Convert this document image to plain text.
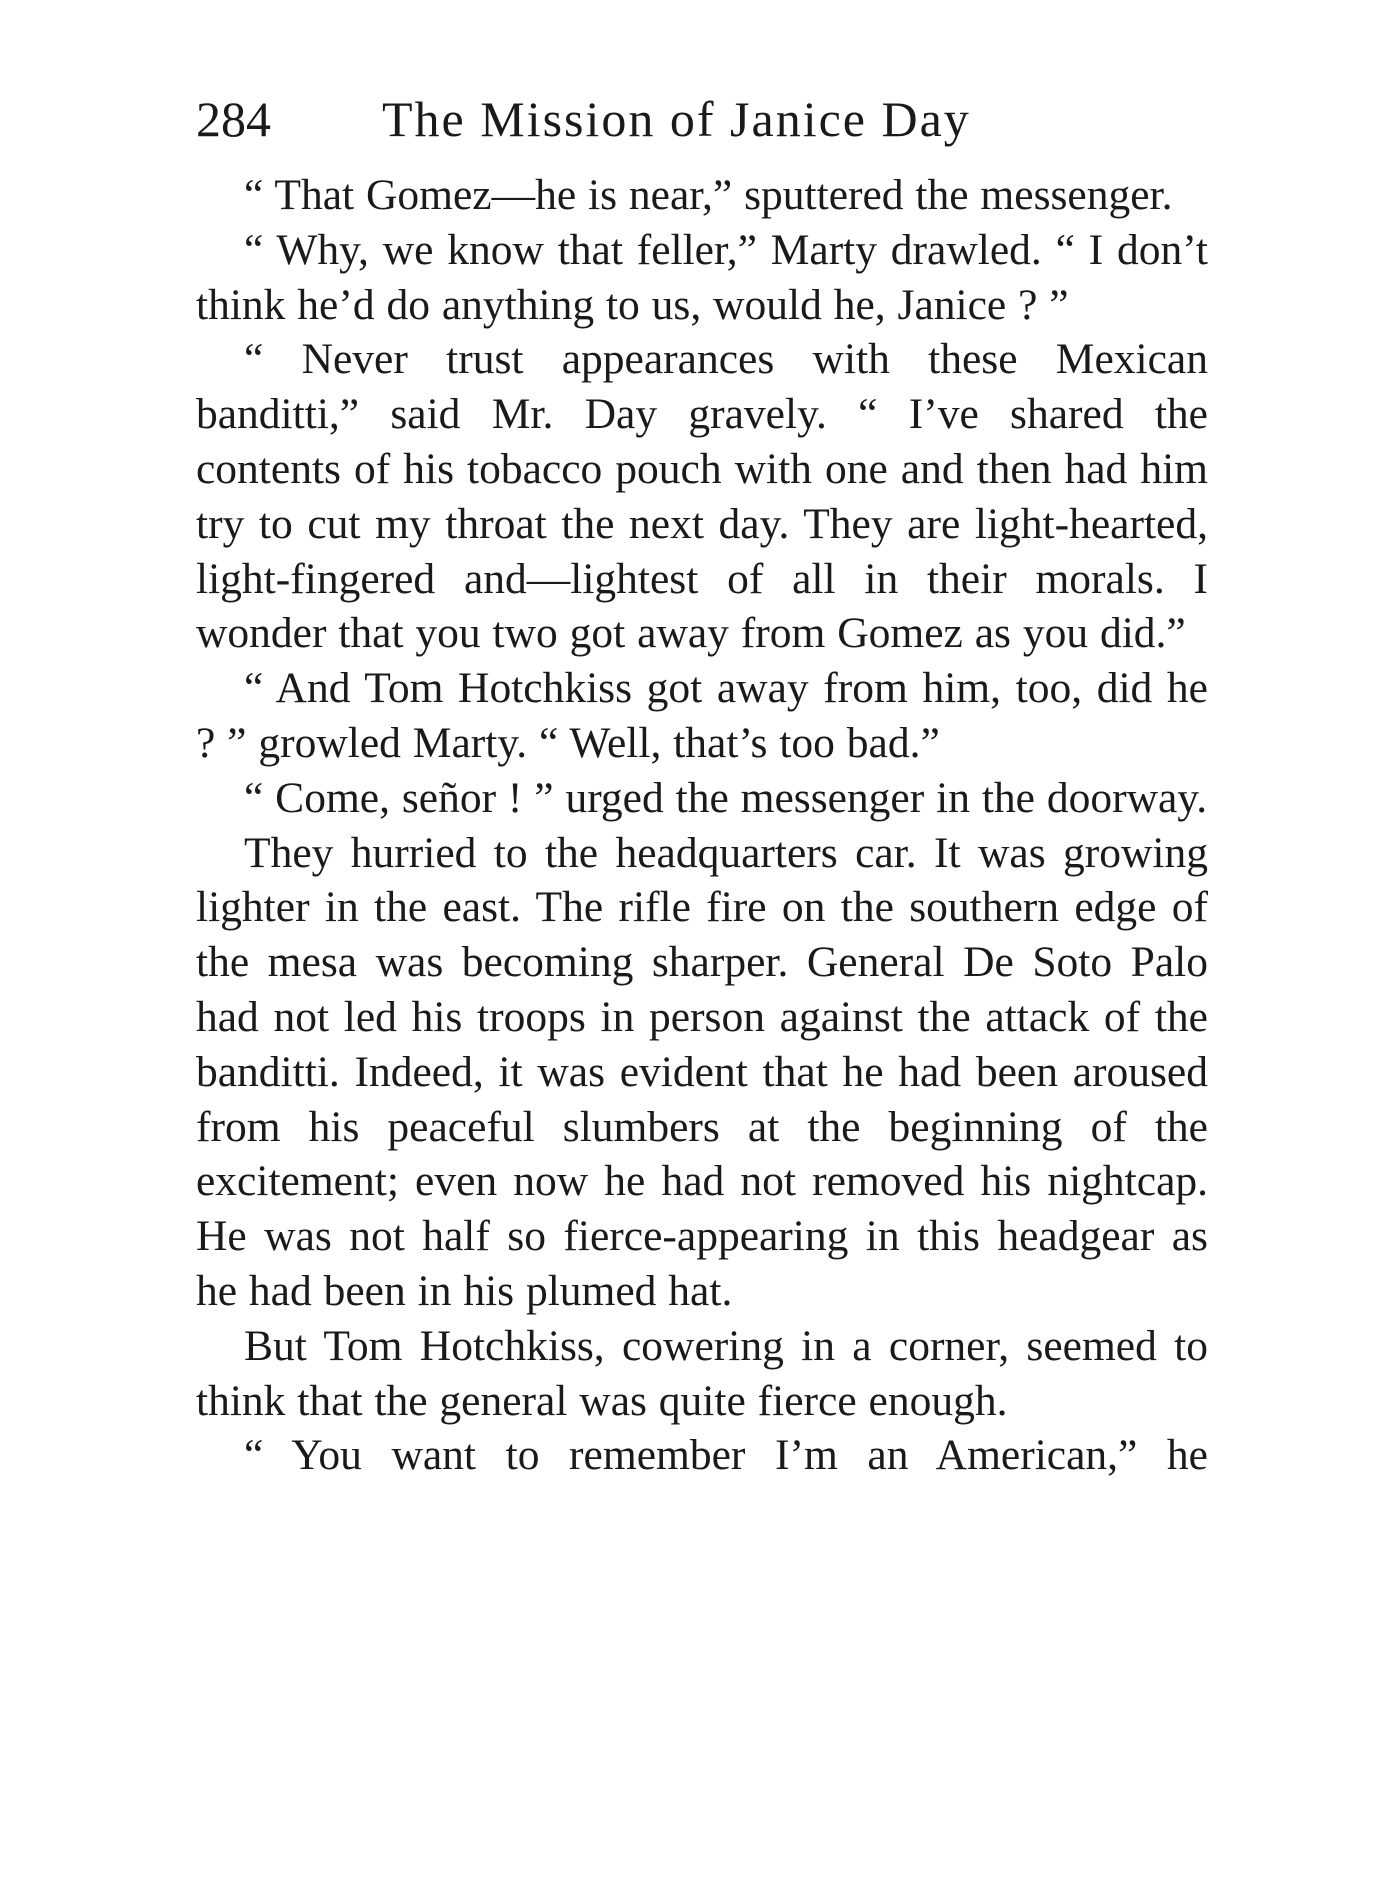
284 The Mission of Janice Day

“ That Gomez—he is near,” sputtered the messenger.

“ Why, we know that feller,” Marty drawled. “ I don’t think he’d do anything to us, would he, Janice ? ”

“ Never trust appearances with these Mexican banditti,” said Mr. Day gravely. “ I’ve shared the contents of his tobacco pouch with one and then had him try to cut my throat the next day. They are light-hearted, light-fingered and—lightest of all in their morals. I wonder that you two got away from Gomez as you did.”

“ And Tom Hotchkiss got away from him, too, did he ? ” growled Marty. “ Well, that’s too bad.”

“ Come, señor ! ” urged the messenger in the doorway.

They hurried to the headquarters car. It was growing lighter in the east. The rifle fire on the southern edge of the mesa was becoming sharper. General De Soto Palo had not led his troops in person against the attack of the banditti. Indeed, it was evident that he had been aroused from his peaceful slumbers at the beginning of the excitement; even now he had not removed his nightcap. He was not half so fierce-appearing in this headgear as he had been in his plumed hat.

But Tom Hotchkiss, cowering in a corner, seemed to think that the general was quite fierce enough.

“ You want to remember I’m an American,” he
